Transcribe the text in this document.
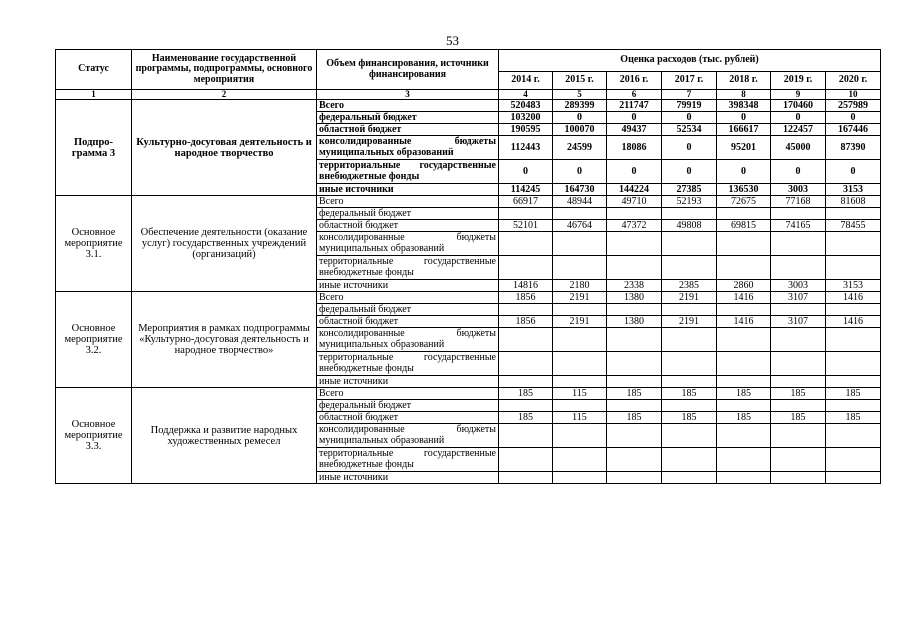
53
Статус	Наименование государственной программы, подпрограммы, основного мероприятия	Объем финансирования, источники финансирования	Оценка расходов (тыс. рублей)						
			2014 г.	2015 г.	2016 г.	2017 г.	2018 г.	2019 г.	2020 г.
1	2	3	4	5	6	7	8	9	10
Подпро-грамма 3	Культурно-досуговая деятельность и народное творчество	Всего	520483	289399	211747	79919	398348	170460	257989
		федеральный бюджет	103200	0	0	0	0	0	0
		областной бюджет	190595	100070	49437	52534	166617	122457	167446
		консолидированные бюджеты муниципальных образований	112443	24599	18086	0	95201	45000	87390
		территориальные государственные внебюджетные фонды	0	0	0	0	0	0	0
		иные источники	114245	164730	144224	27385	136530	3003	3153
Основное мероприятие 3.1.	Обеспечение деятельности (оказание услуг) государственных учреждений (организаций)	Всего	66917	48944	49710	52193	72675	77168	81608
		федеральный бюджет							
		областной бюджет	52101	46764	47372	49808	69815	74165	78455
		консолидированные бюджеты муниципальных образований							
		территориальные государственные внебюджетные фонды							
		иные источники	14816	2180	2338	2385	2860	3003	3153
Основное мероприятие 3.2.	Мероприятия в рамках подпрограммы «Культурно-досуговая деятельность и народное творчество»	Всего	1856	2191	1380	2191	1416	3107	1416
		федеральный бюджет							
		областной бюджет	1856	2191	1380	2191	1416	3107	1416
		консолидированные бюджеты муниципальных образований							
		территориальные государственные внебюджетные фонды							
		иные источники							
Основное мероприятие 3.3.	Поддержка и развитие народных художественных ремесел	Всего	185	115	185	185	185	185	185
		федеральный бюджет							
		областной бюджет	185	115	185	185	185	185	185
		консолидированные бюджеты муниципальных образований							
		территориальные государственные внебюджетные фонды							
		иные источники							
